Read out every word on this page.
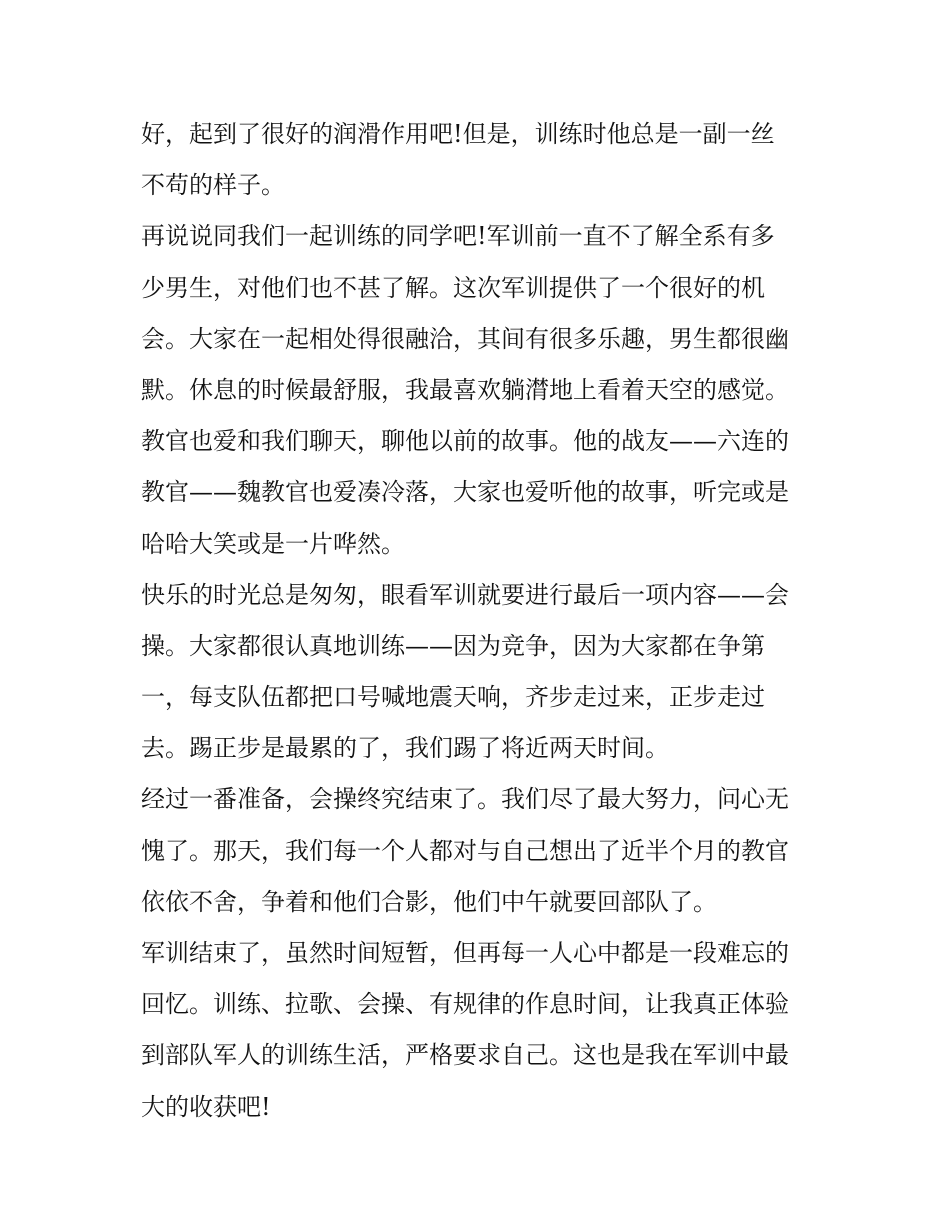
好，起到了很好的润滑作用吧!但是，训练时他总是一副一丝
不苟的样子。
再说说同我们一起训练的同学吧!军训前一直不了解全系有多
少男生，对他们也不甚了解。这次军训提供了一个很好的机
会。大家在一起相处得很融洽，其间有很多乐趣，男生都很幽
默。休息的时候最舒服，我最喜欢躺潸地上看着天空的感觉。
教官也爱和我们聊天，聊他以前的故事。他的战友——六连的
教官——魏教官也爱凑冷落，大家也爱听他的故事，听完或是
哈哈大笑或是一片哗然。
快乐的时光总是匆匆，眼看军训就要进行最后一项内容——会
操。大家都很认真地训练——因为竞争，因为大家都在争第
一，每支队伍都把口号喊地震天响，齐步走过来，正步走过
去。踢正步是最累的了，我们踢了将近两天时间。
经过一番准备，会操终究结束了。我们尽了最大努力，问心无
愧了。那天，我们每一个人都对与自己想出了近半个月的教官
依依不舍，争着和他们合影，他们中午就要回部队了。
军训结束了，虽然时间短暂，但再每一人心中都是一段难忘的
回忆。训练、拉歌、会操、有规律的作息时间，让我真正体验
到部队军人的训练生活，严格要求自己。这也是我在军训中最
大的收获吧!
